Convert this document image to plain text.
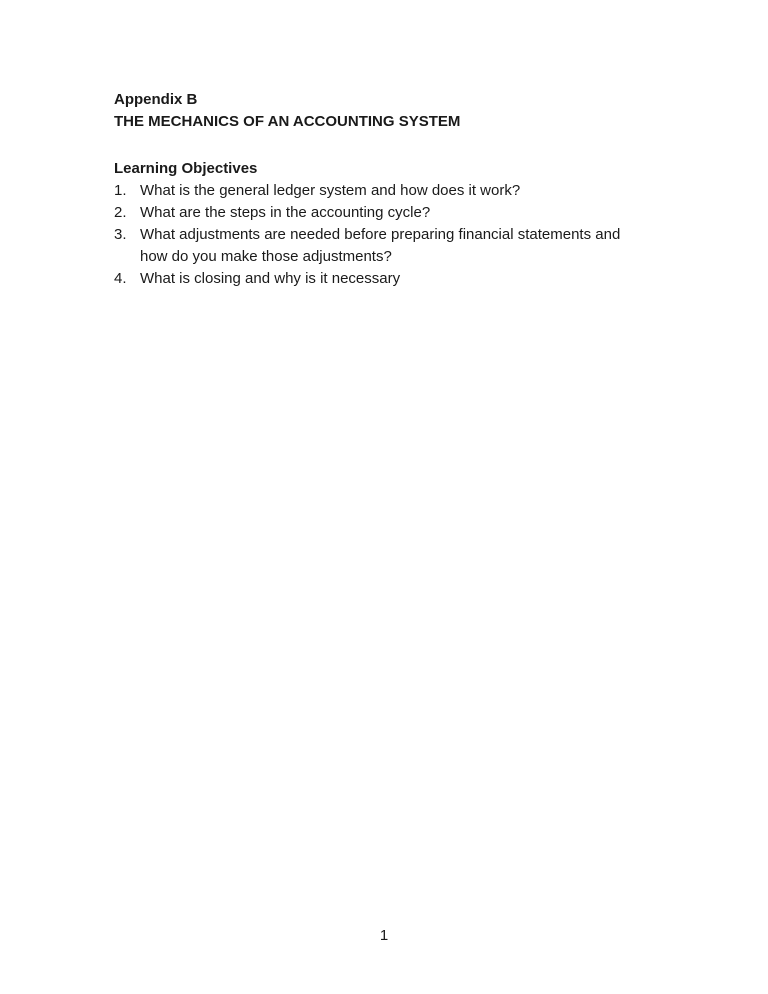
Appendix B
THE MECHANICS OF AN ACCOUNTING SYSTEM
Learning Objectives
1. What is the general ledger system and how does it work?
2. What are the steps in the accounting cycle?
3. What adjustments are needed before preparing financial statements and
how do you make those adjustments?
4. What is closing and why is it necessary
1
